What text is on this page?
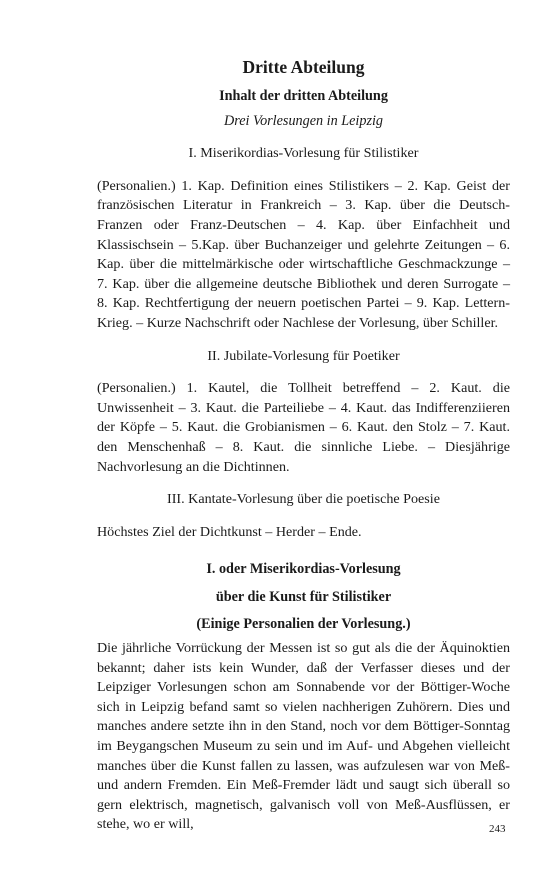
Dritte Abteilung
Inhalt der dritten Abteilung
Drei Vorlesungen in Leipzig
I. Miserikordias-Vorlesung für Stilistiker

(Personalien.) 1. Kap. Definition eines Stilistikers – 2. Kap. Geist der französischen Literatur in Frankreich – 3. Kap. über die Deutsch-Franzen oder Franz-Deutschen – 4. Kap. über Einfachheit und Klassischsein – 5.Kap. über Buchanzeiger und gelehrte Zeitungen – 6. Kap. über die mittelmärkische oder wirtschaftliche Geschmackzunge – 7. Kap. über die allgemeine deutsche Bibliothek und deren Surrogate – 8. Kap. Rechtfertigung der neuern poetischen Partei – 9. Kap. Lettern-Krieg. – Kurze Nachschrift oder Nachlese der Vorlesung, über Schiller.

II. Jubilate-Vorlesung für Poetiker

(Personalien.) 1. Kautel, die Tollheit betreffend – 2. Kaut. die Unwissenheit – 3. Kaut. die Parteiliebe – 4. Kaut. das Indifferenziieren der Köpfe – 5. Kaut. die Grobianismen – 6. Kaut. den Stolz – 7. Kaut. den Menschenhaß – 8. Kaut. die sinnliche Liebe. – Diesjährige Nachvorlesung an die Dichtinnen.

III. Kantate-Vorlesung über die poetische Poesie

Höchstes Ziel der Dichtkunst – Herder – Ende.

I. oder Miserikordias-Vorlesung
über die Kunst für Stilistiker
(Einige Personalien der Vorlesung.)

Die jährliche Vorrückung der Messen ist so gut als die der Äquinoktien bekannt; daher ists kein Wunder, daß der Verfasser dieses und der Leipziger Vorlesungen schon am Sonnabende vor der Böttiger-Woche sich in Leipzig befand samt so vielen nachherigen Zuhörern. Dies und manches andere setzte ihn in den Stand, noch vor dem Böttiger-Sonntag im Beygangschen Museum zu sein und im Auf- und Abgehen vielleicht manches über die Kunst fallen zu lassen, was aufzulesen war von Meß- und andern Fremden. Ein Meß-Fremder lädt und saugt sich überall so gern elektrisch, magnetisch, galvanisch voll von Meß-Ausflüssen, er stehe, wo er will,	243
